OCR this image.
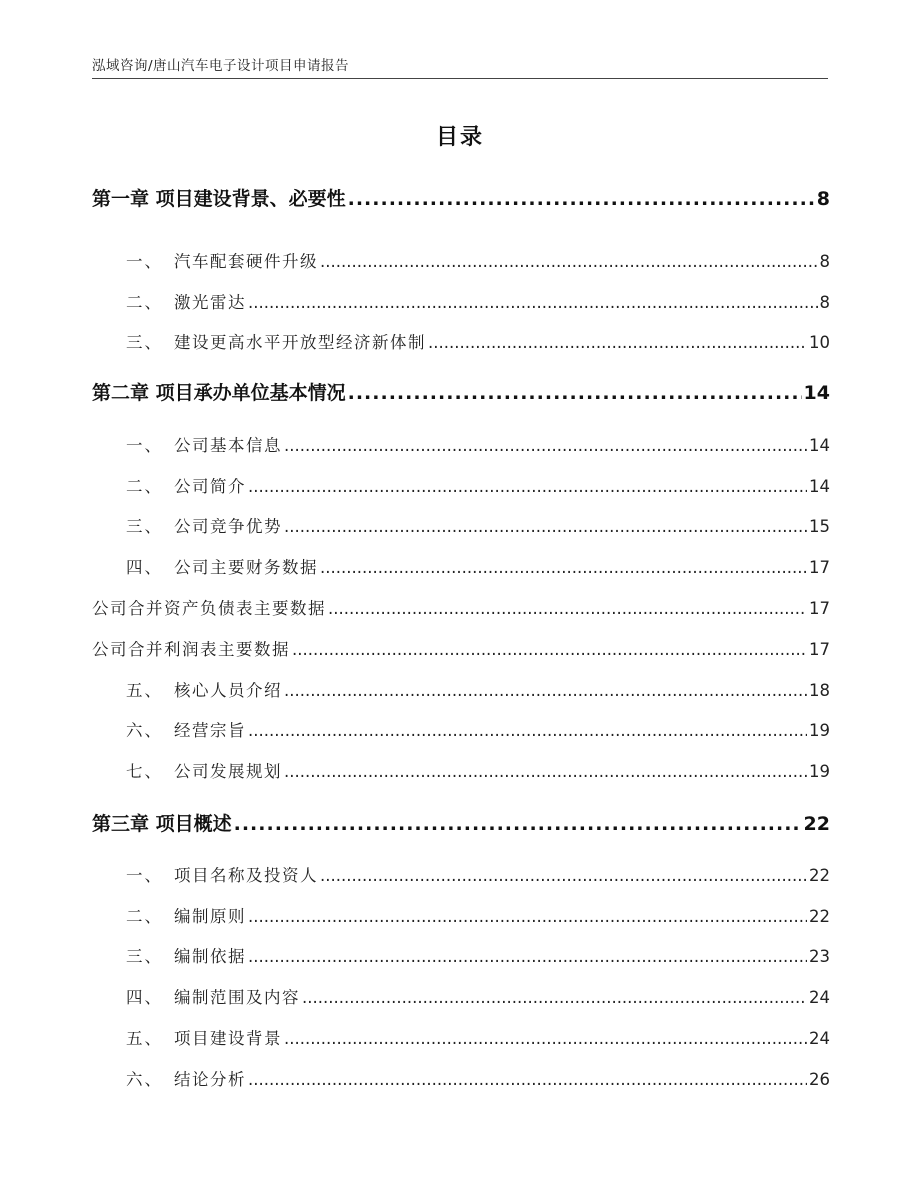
泓域咨询/唐山汽车电子设计项目申请报告
目录
第一章 项目建设背景、必要性 .....	8
一、 汽车配套硬件升级 .....	8
二、 激光雷达 .....	8
三、 建设更高水平开放型经济新体制 .....	10
第二章 项目承办单位基本情况 .....	14
一、 公司基本信息 .....	14
二、 公司简介 .....	14
三、 公司竞争优势 .....	15
四、 公司主要财务数据 .....	17
公司合并资产负债表主要数据 .....	17
公司合并利润表主要数据 .....	17
五、 核心人员介绍 .....	18
六、 经营宗旨 .....	19
七、 公司发展规划 .....	19
第三章 项目概述 .....	22
一、 项目名称及投资人 .....	22
二、 编制原则 .....	22
三、 编制依据 .....	23
四、 编制范围及内容 .....	24
五、 项目建设背景 .....	24
六、 结论分析 .....	26
